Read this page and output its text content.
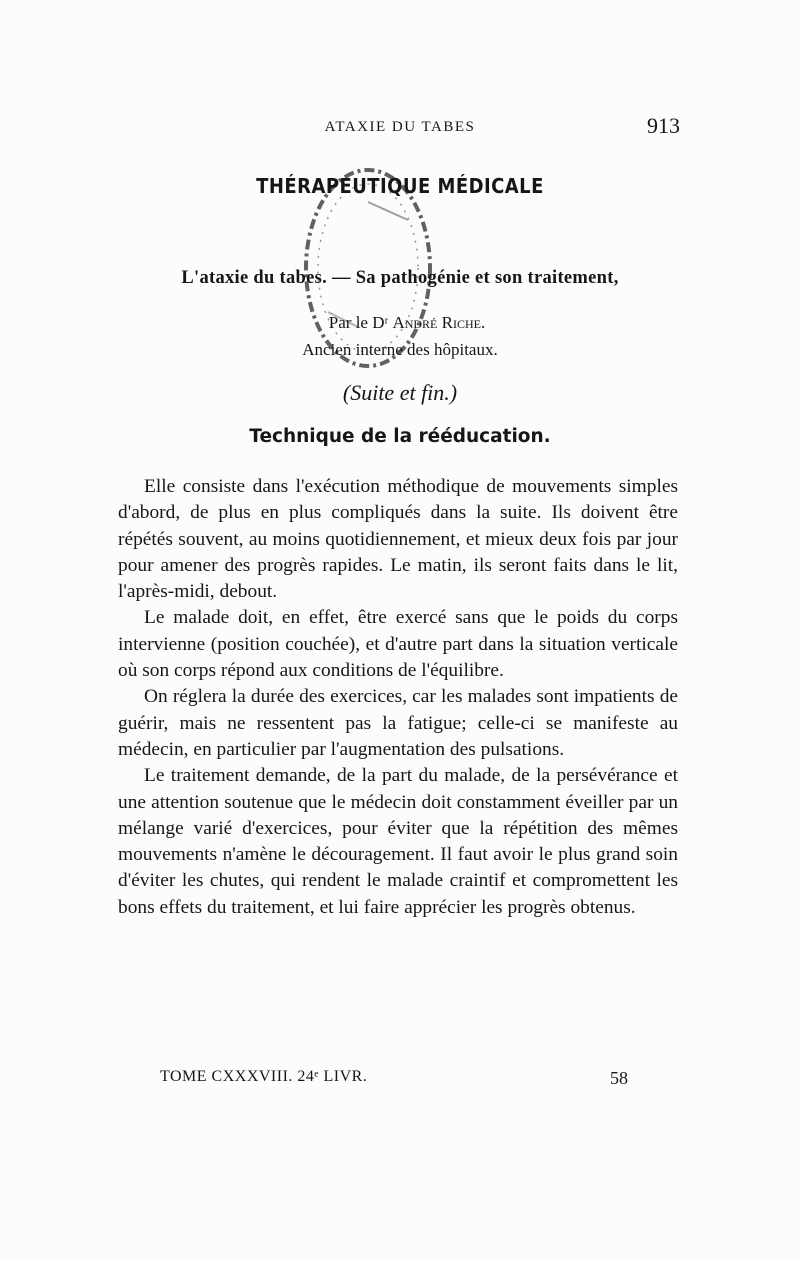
ATAXIE DU TABES	913
THÉRAPEUTIQUE MÉDICALE
L'ataxie du tabes. — Sa pathogénie et son traitement,
Par le Dʳ André Riche.
Ancien interne des hôpitaux.
(Suite et fin.)
Technique de la rééducation.

Elle consiste dans l'exécution méthodique de mouvements simples d'abord, de plus en plus compliqués dans la suite. Ils doivent être répétés souvent, au moins quotidiennement, et mieux deux fois par jour pour amener des progrès rapides. Le matin, ils seront faits dans le lit, l'après-midi, debout.

Le malade doit, en effet, être exercé sans que le poids du corps intervienne (position couchée), et d'autre part dans la situation verticale où son corps répond aux conditions de l'équilibre.

On réglera la durée des exercices, car les malades sont impatients de guérir, mais ne ressentent pas la fatigue; celle-ci se manifeste au médecin, en particulier par l'augmentation des pulsations.

Le traitement demande, de la part du malade, de la persévérance et une attention soutenue que le médecin doit constamment éveiller par un mélange varié d'exercices, pour éviter que la répétition des mêmes mouvements n'amène le découragement. Il faut avoir le plus grand soin d'éviter les chutes, qui rendent le malade craintif et compromettent les bons effets du traitement, et lui faire apprécier les progrès obtenus.

TOME CXXXVIII. 24ᵉ LIVR.	58
